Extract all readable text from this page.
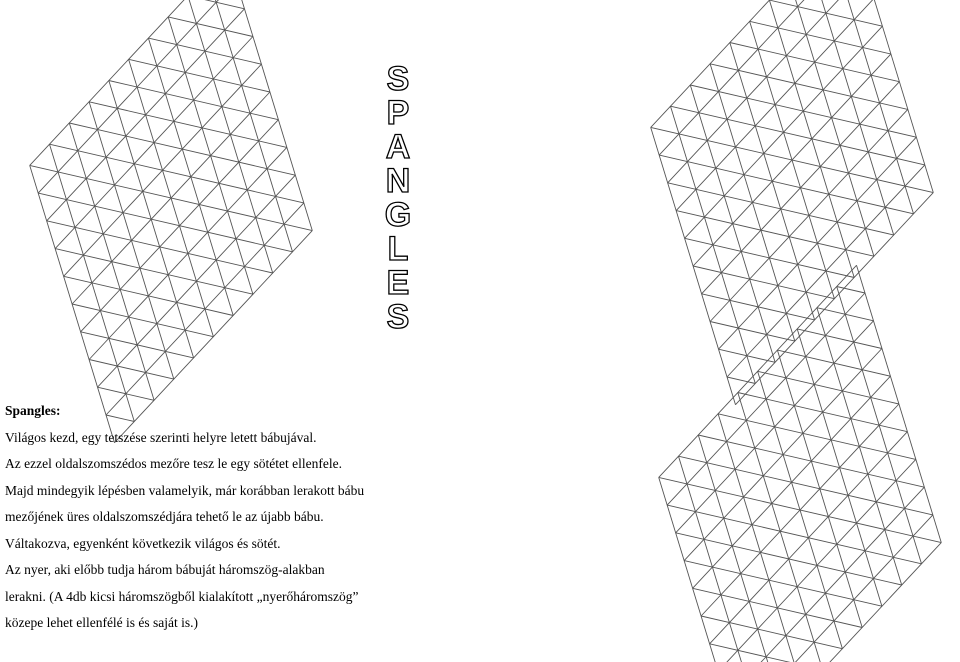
S
P
A
N
G
L
E
S

Spangles:

Világos kezd, egy tetszése szerinti helyre letett bábujával.
Az ezzel oldalszomszédos mezőre tesz le egy sötétet ellenfele.
Majd mindegyik lépésben valamelyik, már korábban lerakott bábu
mezőjének üres oldalszomszédjára tehető le az újabb bábu.
Váltakozva, egyenként következik világos és sötét.
Az nyer, aki előbb tudja három bábuját háromszög-alakban
lerakni. (A 4db kicsi háromszögből kialakított „nyerőháromszög”
közepe lehet ellenfélé is és saját is.)
